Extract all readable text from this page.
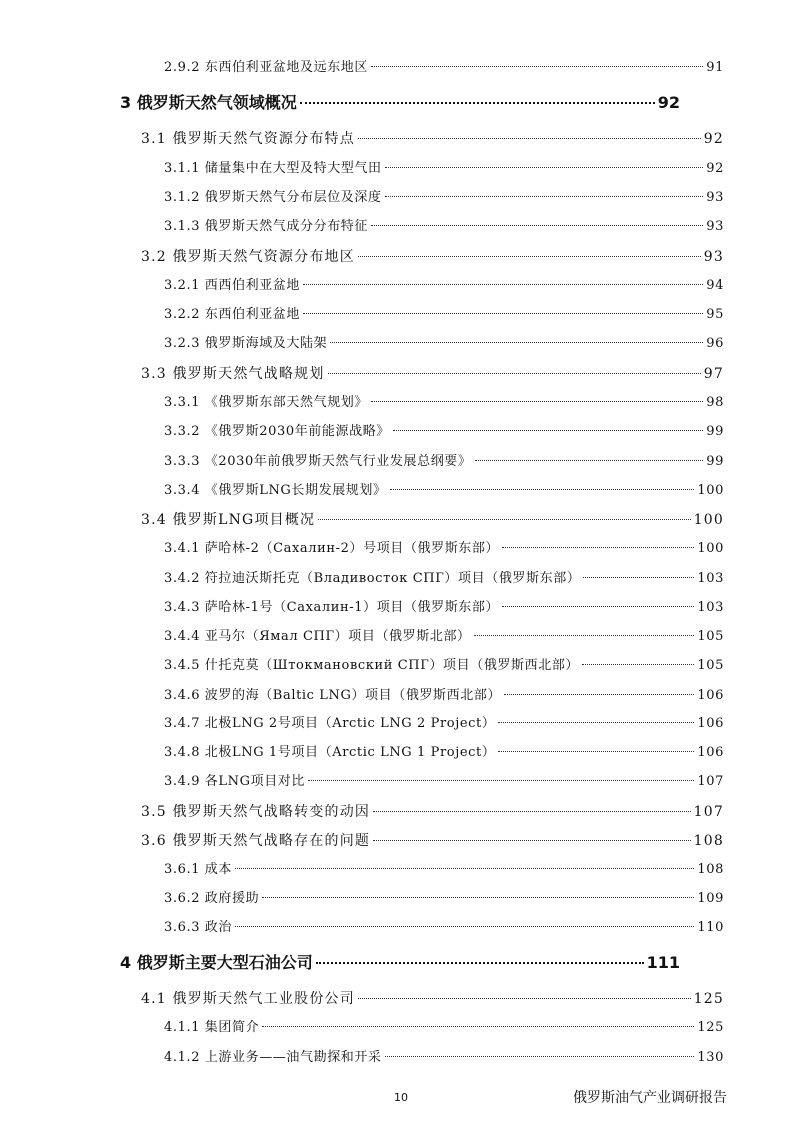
2.9.2 东西伯利亚盆地及远东地区	91
3 俄罗斯天然气领域概况	92
3.1 俄罗斯天然气资源分布特点	92
3.1.1 储量集中在大型及特大型气田	92
3.1.2 俄罗斯天然气分布层位及深度	93
3.1.3 俄罗斯天然气成分分布特征	93
3.2 俄罗斯天然气资源分布地区	93
3.2.1 西西伯利亚盆地	94
3.2.2 东西伯利亚盆地	95
3.2.3 俄罗斯海域及大陆架	96
3.3 俄罗斯天然气战略规划	97
3.3.1 《俄罗斯东部天然气规划》	98
3.3.2 《俄罗斯2030年前能源战略》	99
3.3.3 《2030年前俄罗斯天然气行业发展总纲要》	99
3.3.4 《俄罗斯LNG长期发展规划》	100
3.4 俄罗斯LNG项目概况	100
3.4.1 萨哈林-2（Сахалин-2）号项目（俄罗斯东部）	100
3.4.2 符拉迪沃斯托克（Владивосток СПГ）项目（俄罗斯东部）	103
3.4.3 萨哈林-1号（Сахалин-1）项目（俄罗斯东部）	103
3.4.4 亚马尔（Ямал СПГ）项目（俄罗斯北部）	105
3.4.5 什托克莫（Штокмановский СПГ）项目（俄罗斯西北部）	105
3.4.6 波罗的海（Baltic LNG）项目（俄罗斯西北部）	106
3.4.7 北极LNG 2号项目（Arctic LNG 2 Project）	106
3.4.8 北极LNG 1号项目（Arctic LNG 1 Project）	106
3.4.9 各LNG项目对比	107
3.5 俄罗斯天然气战略转变的动因	107
3.6 俄罗斯天然气战略存在的问题	108
3.6.1 成本	108
3.6.2 政府援助	109
3.6.3 政治	110
4 俄罗斯主要大型石油公司	111
4.1 俄罗斯天然气工业股份公司	125
4.1.1 集团简介	125
4.1.2 上游业务——油气勘探和开采	130
10	俄罗斯油气产业调研报告
